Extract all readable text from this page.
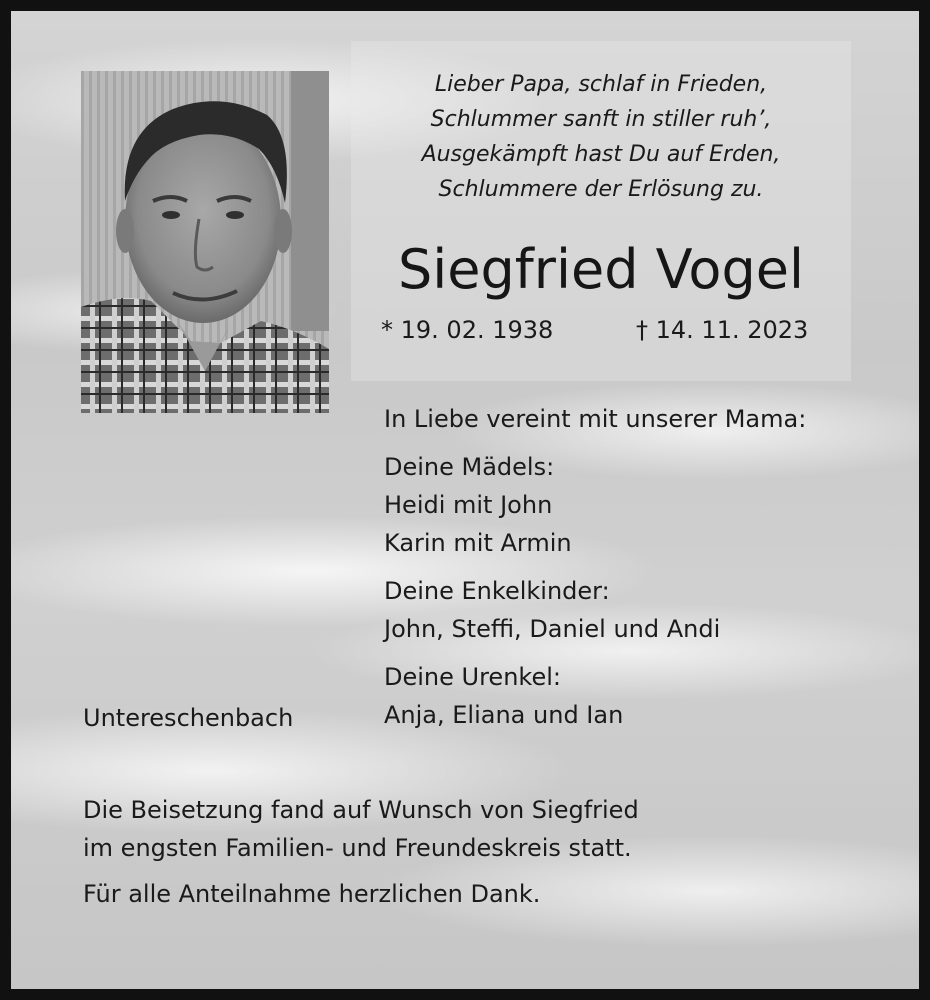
Lieber Papa, schlaf in Frieden,
Schlummer sanft in stiller ruh’,
Ausgekämpft hast Du auf Erden,
Schlummere der Erlösung zu.
Siegfried Vogel
* 19. 02. 1938	† 14. 11. 2023
In Liebe vereint mit unserer Mama:
Deine Mädels:
Heidi mit John
Karin mit Armin
Deine Enkelkinder:
John, Steffi, Daniel und Andi
Deine Urenkel:
Anja, Eliana und Ian
Untereschenbach
Die Beisetzung fand auf Wunsch von Siegfried
im engsten Familien- und Freundeskreis statt.
Für alle Anteilnahme herzlichen Dank.
